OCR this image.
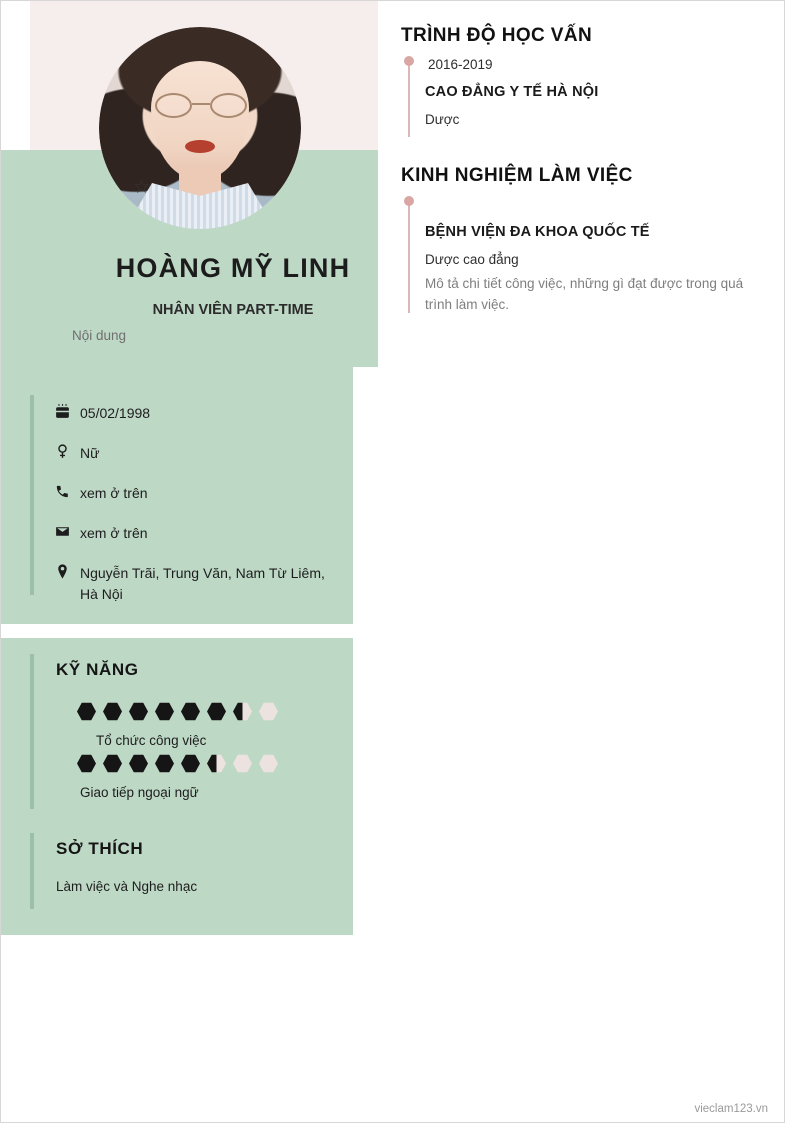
HOÀNG MỸ LINH
NHÂN VIÊN PART-TIME
Nội dung
☆
05/02/1998
Nữ
xem ở trên
xem ở trên
Nguyễn Trãi, Trung Văn, Nam Từ Liêm, Hà Nội
KỸ NĂNG
Tổ chức công việc
Giao tiếp ngoại ngữ
SỞ THÍCH
Làm việc và Nghe nhạc
TRÌNH ĐỘ HỌC VẤN
2016-2019
CAO ĐẲNG Y TẾ HÀ NỘI
Dược
KINH NGHIỆM LÀM VIỆC
BỆNH VIỆN ĐA KHOA QUỐC TẾ
Dược cao đẳng
Mô tả chi tiết công việc, những gì đạt được trong quá trình làm việc.
vieclam123.vn
